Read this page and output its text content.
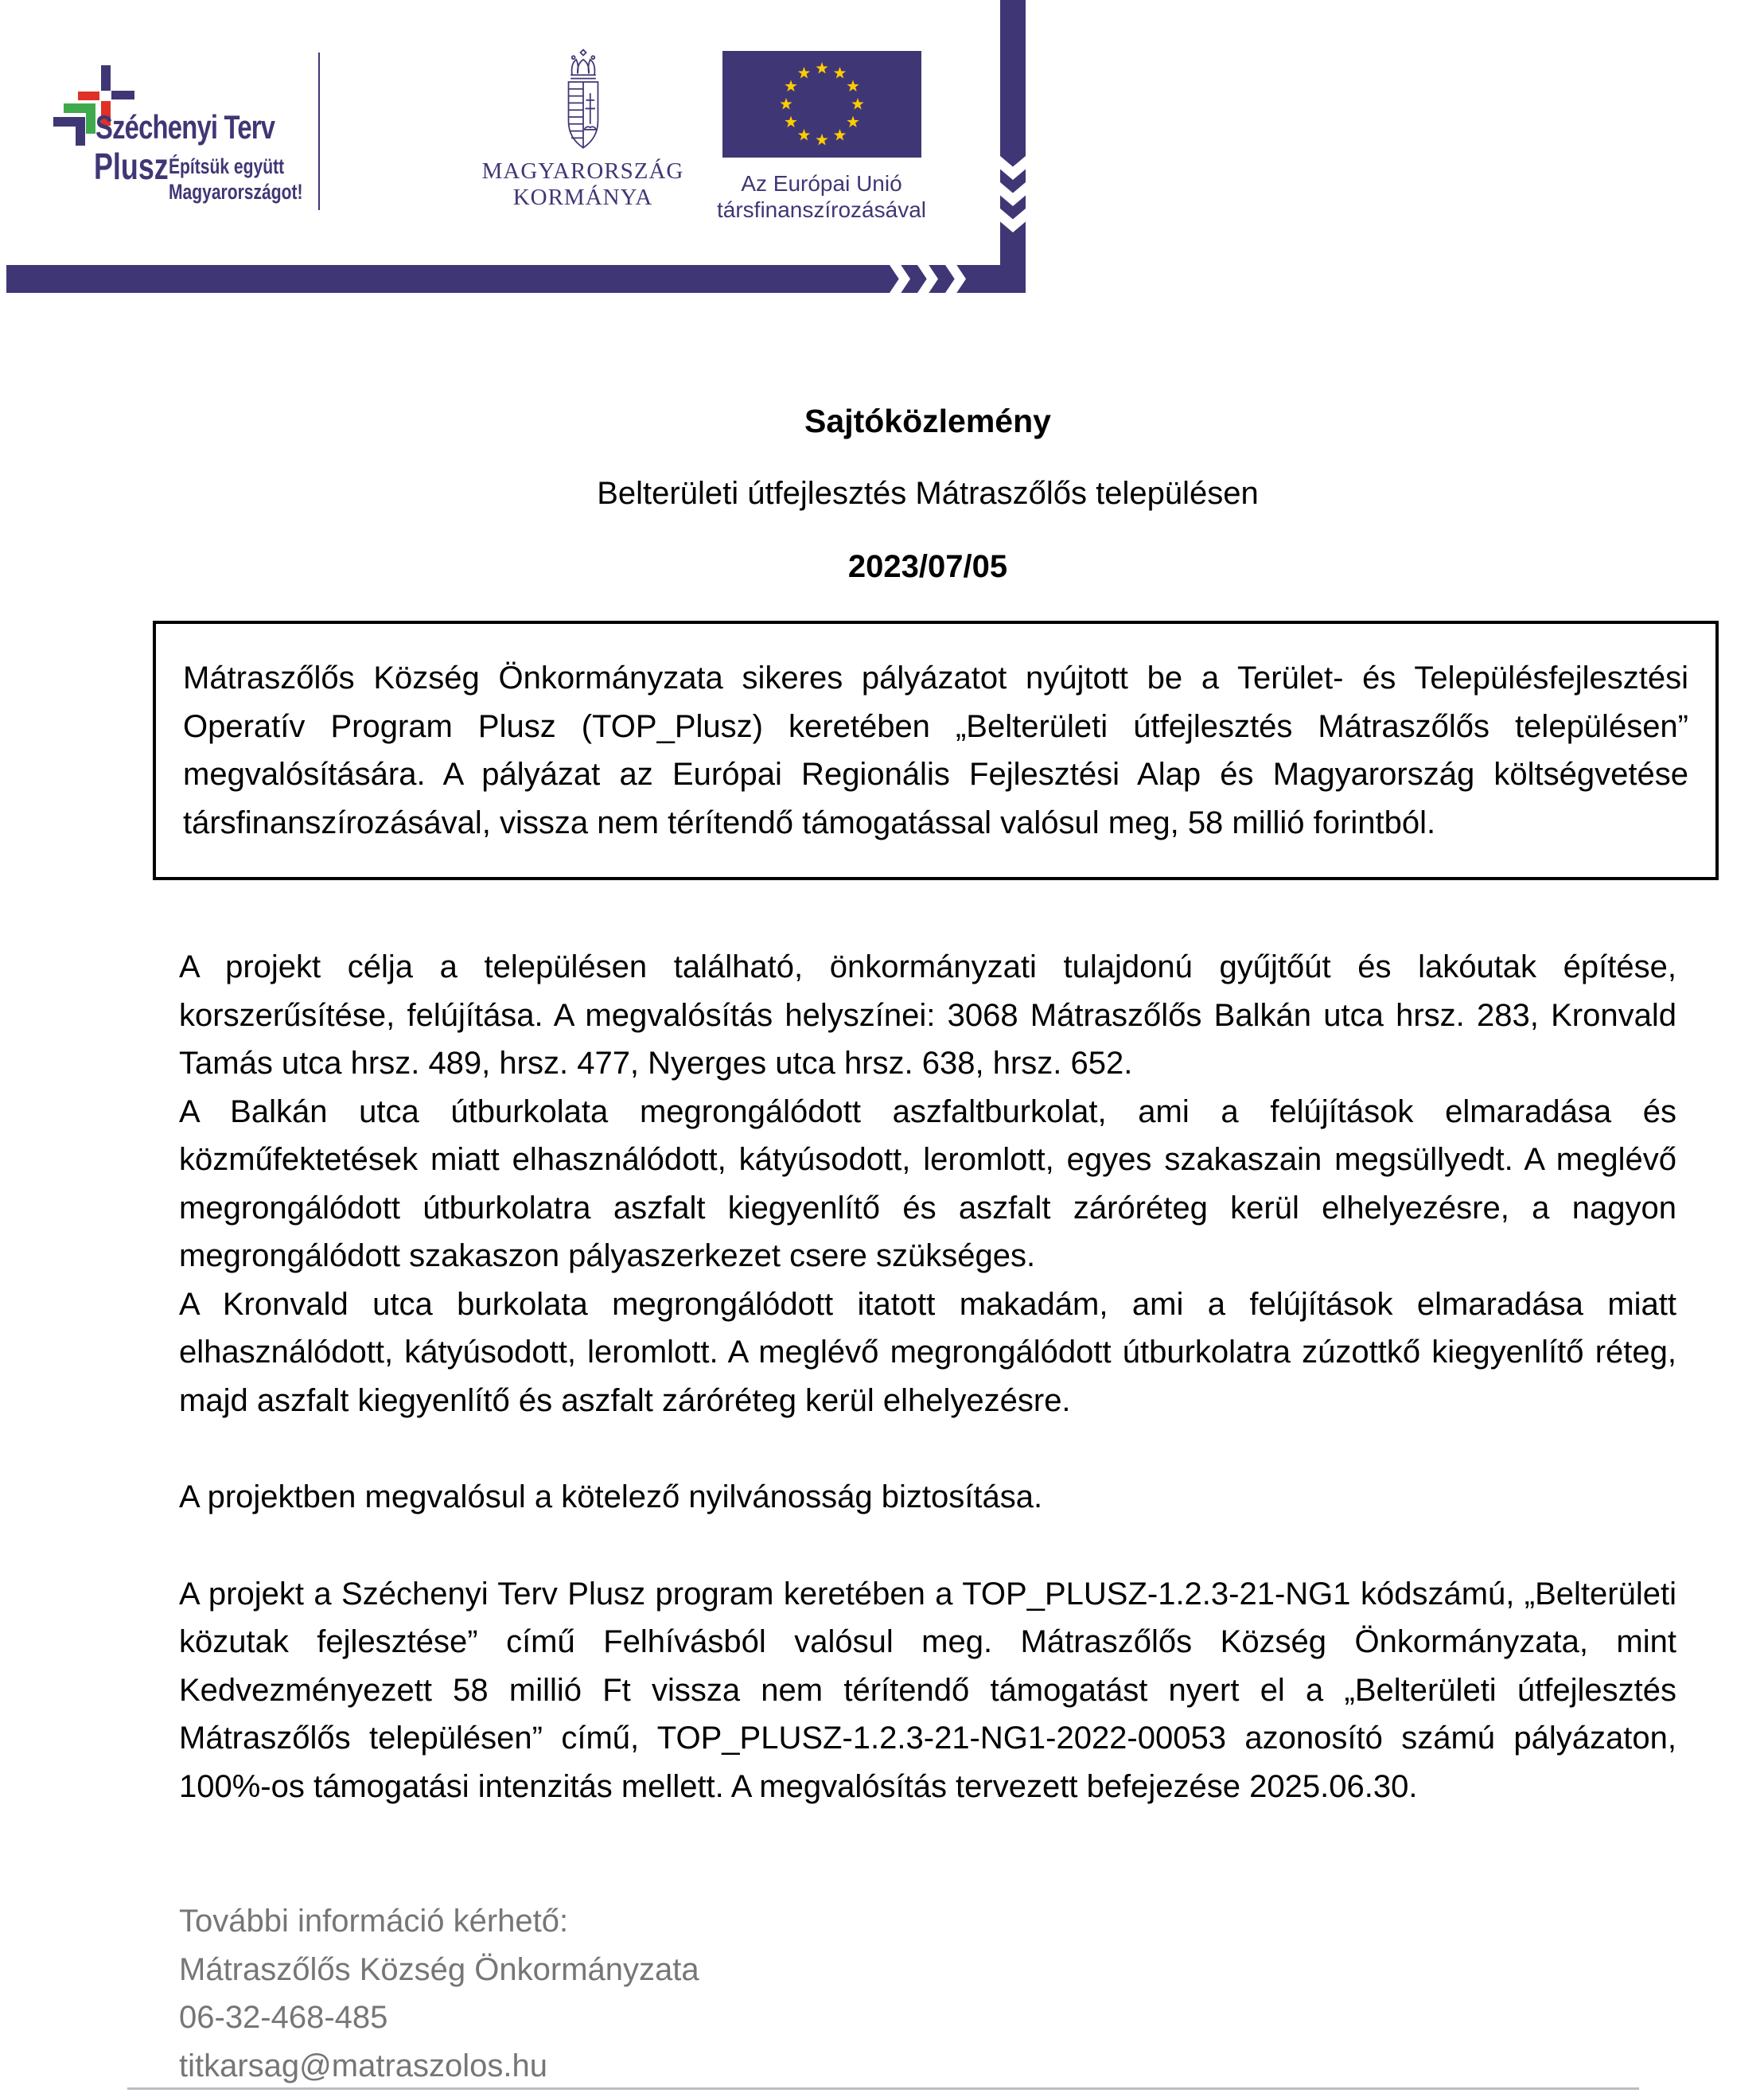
Széchenyi Terv
Plusz Építsük együtt
Magyarországot!
MAGYARORSZÁG
KORMÁNYA
Az Európai Unió
társfinanszírozásával
Sajtóközlemény
Belterületi útfejlesztés Mátraszőlős településen
2023/07/05
Mátraszőlős Község Önkormányzata sikeres pályázatot nyújtott be a Terület- és Településfejlesztési Operatív Program Plusz (TOP_Plusz) keretében „Belterületi útfejlesztés Mátraszőlős településen” megvalósítására. A pályázat az Európai Regionális Fejlesztési Alap és Magyarország költségvetése társfinanszírozásával, vissza nem térítendő támogatással valósul meg, 58 millió forintból.

A projekt célja a településen található, önkormányzati tulajdonú gyűjtőút és lakóutak építése, korszerűsítése, felújítása. A megvalósítás helyszínei: 3068 Mátraszőlős Balkán utca hrsz. 283, Kronvald Tamás utca hrsz. 489, hrsz. 477, Nyerges utca hrsz. 638, hrsz. 652.

A Balkán utca útburkolata megrongálódott aszfaltburkolat, ami a felújítások elmaradása és közműfektetések miatt elhasználódott, kátyúsodott, leromlott, egyes szakaszain megsüllyedt. A meglévő megrongálódott útburkolatra aszfalt kiegyenlítő és aszfalt záróréteg kerül elhelyezésre, a nagyon megrongálódott szakaszon pályaszerkezet csere szükséges.

A Kronvald utca burkolata megrongálódott itatott makadám, ami a felújítások elmaradása miatt elhasználódott, kátyúsodott, leromlott. A meglévő megrongálódott útburkolatra zúzottkő kiegyenlítő réteg, majd aszfalt kiegyenlítő és aszfalt záróréteg kerül elhelyezésre.

A projektben megvalósul a kötelező nyilvánosság biztosítása.

A projekt a Széchenyi Terv Plusz program keretében a TOP_PLUSZ-1.2.3-21-NG1 kódszámú, „Belterületi közutak fejlesztése” című Felhívásból valósul meg. Mátraszőlős Község Önkormányzata, mint Kedvezményezett 58 millió Ft vissza nem térítendő támogatást nyert el a „Belterületi útfejlesztés Mátraszőlős településen” című, TOP_PLUSZ-1.2.3-21-NG1-2022-00053 azonosító számú pályázaton, 100%-os támogatási intenzitás mellett. A megvalósítás tervezett befejezése 2025.06.30.

További információ kérhető:
Mátraszőlős Község Önkormányzata
06-32-468-485
titkarsag@matraszolos.hu
